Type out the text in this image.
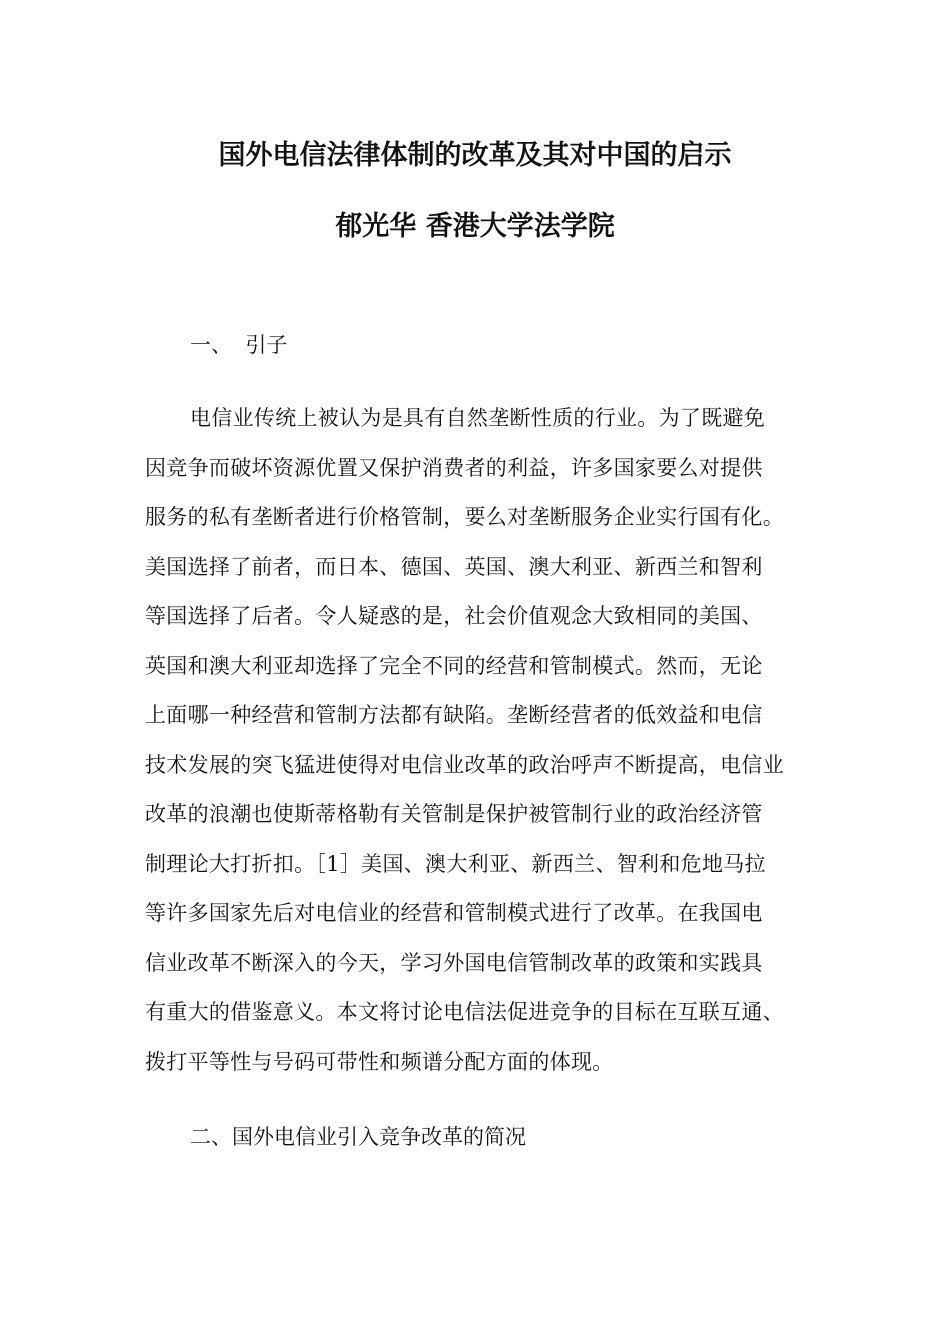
国外电信法律体制的改革及其对中国的启示
郁光华 香港大学法学院

一、  引子

电信业传统上被认为是具有自然垄断性质的行业。为了既避免
因竞争而破坏资源优置又保护消费者的利益，许多国家要么对提供
服务的私有垄断者进行价格管制，要么对垄断服务企业实行国有化。
美国选择了前者，而日本、德国、英国、澳大利亚、新西兰和智利
等国选择了后者。令人疑惑的是，社会价值观念大致相同的美国、
英国和澳大利亚却选择了完全不同的经营和管制模式。然而，无论
上面哪一种经营和管制方法都有缺陷。垄断经营者的低效益和电信
技术发展的突飞猛进使得对电信业改革的政治呼声不断提高，电信业
改革的浪潮也使斯蒂格勒有关管制是保护被管制行业的政治经济管
制理论大打折扣。［1］美国、澳大利亚、新西兰、智利和危地马拉
等许多国家先后对电信业的经营和管制模式进行了改革。在我国电
信业改革不断深入的今天，学习外国电信管制改革的政策和实践具
有重大的借鉴意义。本文将讨论电信法促进竞争的目标在互联互通、
拨打平等性与号码可带性和频谱分配方面的体现。

二、国外电信业引入竞争改革的简况
